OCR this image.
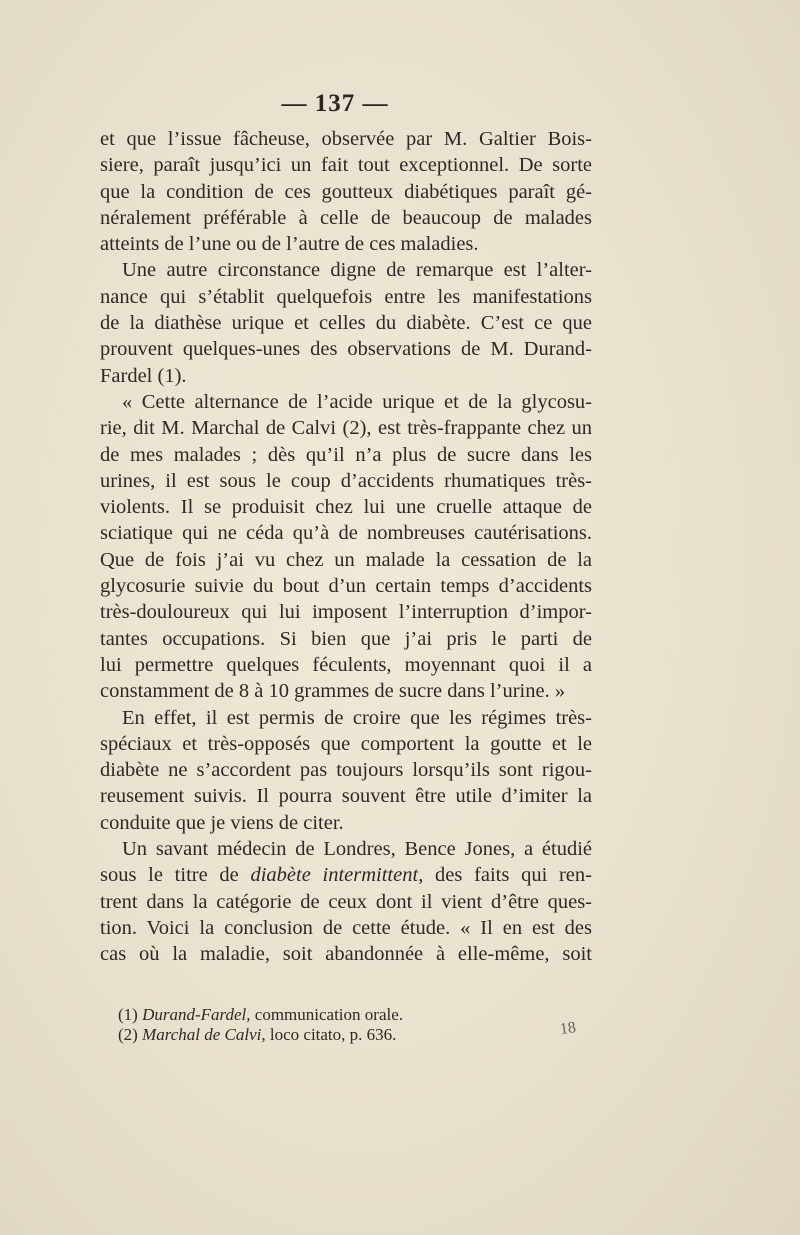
— 137 —
et que l’issue fâcheuse, observée par M. Galtier Bois-
siere, paraît jusqu’ici un fait tout exceptionnel. De sorte
que la condition de ces goutteux diabétiques paraît gé-
néralement préférable à celle de beaucoup de malades
atteints de l’une ou de l’autre de ces maladies.
Une autre circonstance digne de remarque est l’alter-
nance qui s’établit quelquefois entre les manifestations
de la diathèse urique et celles du diabète. C’est ce que
prouvent quelques-unes des observations de M. Durand-
Fardel (1).
« Cette alternance de l’acide urique et de la glycosu-
rie, dit M. Marchal de Calvi (2), est très-frappante chez un
de mes malades ; dès qu’il n’a plus de sucre dans les
urines, il est sous le coup d’accidents rhumatiques très-
violents. Il se produisit chez lui une cruelle attaque de
sciatique qui ne céda qu’à de nombreuses cautérisations.
Que de fois j’ai vu chez un malade la cessation de la
glycosurie suivie du bout d’un certain temps d’accidents
très-douloureux qui lui imposent l’interruption d’impor-
tantes occupations. Si bien que j’ai pris le parti de
lui permettre quelques féculents, moyennant quoi il a
constamment de 8 à 10 grammes de sucre dans l’urine. »
En effet, il est permis de croire que les régimes très-
spéciaux et très-opposés que comportent la goutte et le
diabète ne s’accordent pas toujours lorsqu’ils sont rigou-
reusement suivis. Il pourra souvent être utile d’imiter la
conduite que je viens de citer.
Un savant médecin de Londres, Bence Jones, a étudié
sous le titre de diabète intermittent, des faits qui ren-
trent dans la catégorie de ceux dont il vient d’être ques-
tion. Voici la conclusion de cette étude. « Il en est des
cas où la maladie, soit abandonnée à elle-même, soit
(1) Durand-Fardel, communication orale.
(2) Marchal de Calvi, loco citato, p. 636.	18
